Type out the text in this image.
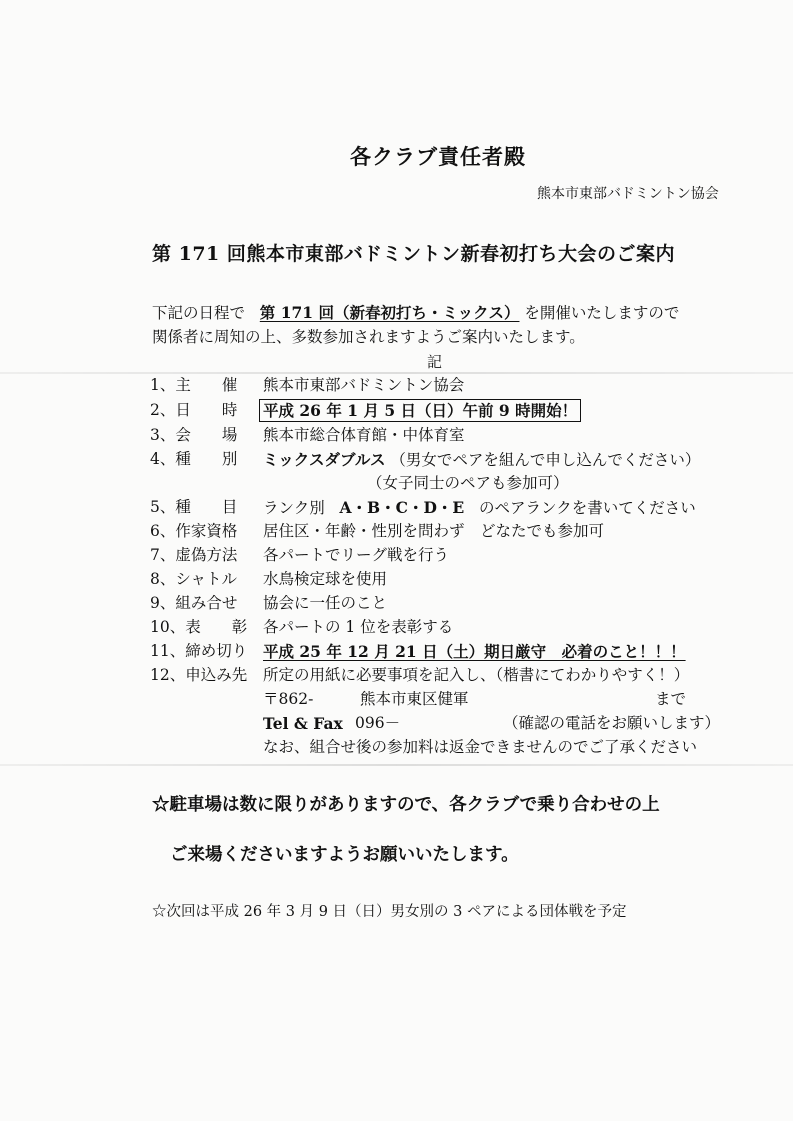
各クラブ責任者殿
熊本市東部バドミントン協会
第 171 回熊本市東部バドミントン新春初打ち大会のご案内
下記の日程で 第 171 回（新春初打ち・ミックス） を開催いたしますので
関係者に周知の上、多数参加されますようご案内いたします。
記
1、主　　催	熊本市東部バドミントン協会
2、日　　時	平成 26 年 1 月 5 日（日）午前 9 時開始！
3、会　　場	熊本市総合体育館・中体育室
4、種　　別	ミックスダブルス （男女でペアを組んで申し込んでください）
（女子同士のペアも参加可）
5、種　　目	ランク別 A・B・C・D・E のペアランクを書いてください
6、作家資格	居住区・年齢・性別を問わず　どなたでも参加可
7、虚偽方法	各パートでリーグ戦を行う
8、シャトル	水鳥検定球を使用
9、組み合せ	協会に一任のこと
10、表　　彰	各パートの 1 位を表彰する
11、締め切り	平成 25 年 12 月 21 日（土）期日厳守　必着のこと！！！
12、申込み先	所定の用紙に必要事項を記入し、（楷書にてわかりやすく！）
〒862-	熊本市東区健軍	まで
Tel & Fax 096－	（確認の電話をお願いします）
なお、組合せ後の参加料は返金できませんのでご了承ください
☆駐車場は数に限りがありますので、各クラブで乗り合わせの上
ご来場くださいますようお願いいたします。
☆次回は平成 26 年 3 月 9 日（日）男女別の 3 ペアによる団体戦を予定
